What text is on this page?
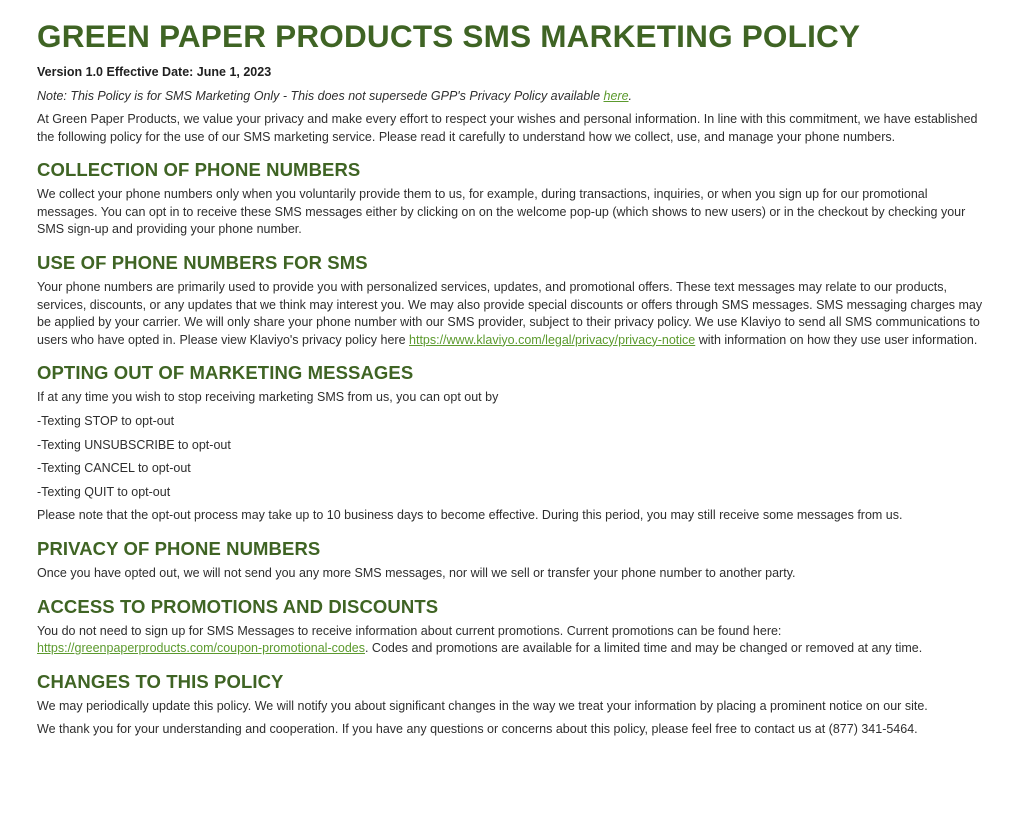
GREEN PAPER PRODUCTS SMS MARKETING POLICY
Version 1.0 Effective Date: June 1, 2023
Note: This Policy is for SMS Marketing Only - This does not supersede GPP's Privacy Policy available here.

At Green Paper Products, we value your privacy and make every effort to respect your wishes and personal information. In line with this commitment, we have established the following policy for the use of our SMS marketing service. Please read it carefully to understand how we collect, use, and manage your phone numbers.

COLLECTION OF PHONE NUMBERS

We collect your phone numbers only when you voluntarily provide them to us, for example, during transactions, inquiries, or when you sign up for our promotional messages. You can opt in to receive these SMS messages either by clicking on on the welcome pop-up (which shows to new users) or in the checkout by checking your SMS sign-up and providing your phone number.

USE OF PHONE NUMBERS FOR SMS

Your phone numbers are primarily used to provide you with personalized services, updates, and promotional offers. These text messages may relate to our products, services, discounts, or any updates that we think may interest you. We may also provide special discounts or offers through SMS messages. SMS messaging charges may be applied by your carrier. We will only share your phone number with our SMS provider, subject to their privacy policy. We use Klaviyo to send all SMS communications to users who have opted in. Please view Klaviyo's privacy policy here https://www.klaviyo.com/legal/privacy/privacy-notice with information on how they use user information.

OPTING OUT OF MARKETING MESSAGES

If at any time you wish to stop receiving marketing SMS from us, you can opt out by

-Texting STOP to opt-out
-Texting UNSUBSCRIBE to opt-out
-Texting CANCEL to opt-out
-Texting QUIT to opt-out

Please note that the opt-out process may take up to 10 business days to become effective. During this period, you may still receive some messages from us.

PRIVACY OF PHONE NUMBERS

Once you have opted out, we will not send you any more SMS messages, nor will we sell or transfer your phone number to another party.

ACCESS TO PROMOTIONS AND DISCOUNTS

You do not need to sign up for SMS Messages to receive information about current promotions. Current promotions can be found here: https://greenpaperproducts.com/coupon-promotional-codes. Codes and promotions are available for a limited time and may be changed or removed at any time.

CHANGES TO THIS POLICY

We may periodically update this policy. We will notify you about significant changes in the way we treat your information by placing a prominent notice on our site.

We thank you for your understanding and cooperation. If you have any questions or concerns about this policy, please feel free to contact us at (877) 341-5464.
